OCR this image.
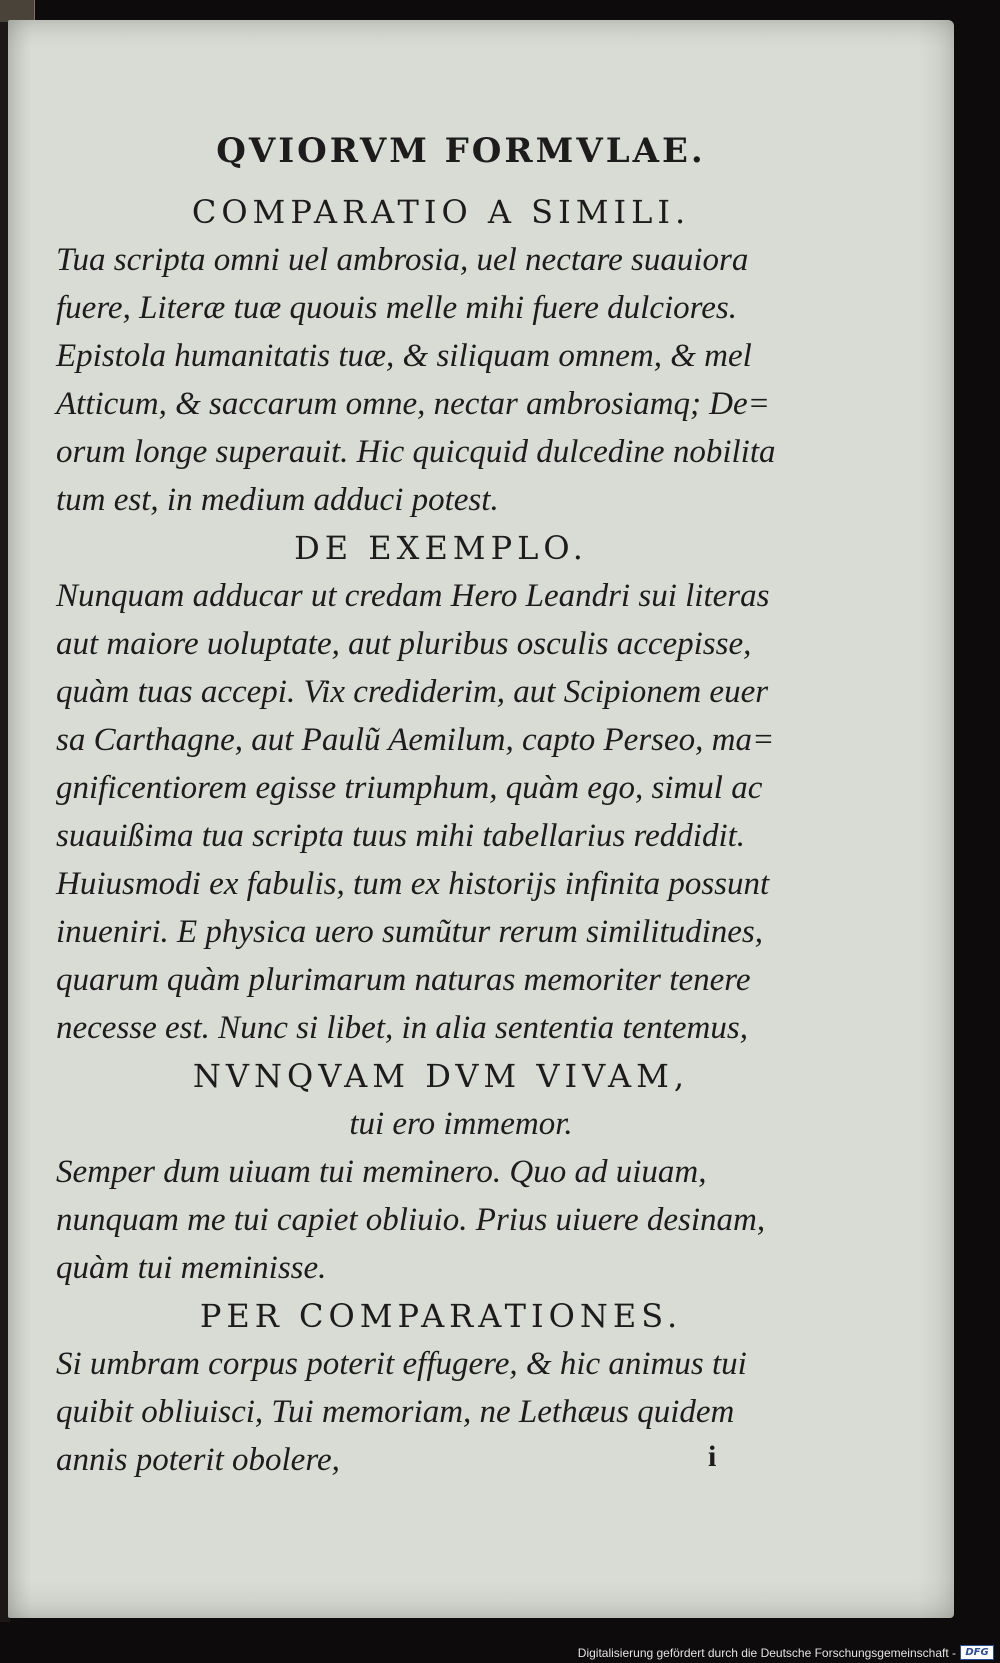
QVIORVM FORMVLAE.

COMPARATIO A SIMILI.

Tua scripta omni uel ambrosia, uel nectare suauiora

fuere, Literæ tuæ quouis melle mihi fuere dulciores.

Epistola humanitatis tuæ, & siliquam omnem, & mel

Atticum, & saccarum omne, nectar ambrosiamq; De=

orum longe superauit. Hic quicquid dulcedine nobilita

tum est, in medium adduci potest.

DE EXEMPLO.

Nunquam adducar ut credam Hero Leandri sui literas

aut maiore uoluptate, aut pluribus osculis accepisse,

quàm tuas accepi. Vix crediderim, aut Scipionem euer

sa Carthagne, aut Paulũ Aemilum, capto Perseo, ma=

gnificentiorem egisse triumphum, quàm ego, simul ac

suauißima tua scripta tuus mihi tabellarius reddidit.

Huiusmodi ex fabulis, tum ex historijs infinita possunt

inueniri. E physica uero sumũtur rerum similitudines,

quarum quàm plurimarum naturas memoriter tenere

necesse est. Nunc si libet, in alia sententia tentemus,

NVNQVAM DVM VIVAM,

tui ero immemor.

Semper dum uiuam tui meminero. Quo ad uiuam,

nunquam me tui capiet obliuio. Prius uiuere desinam,

quàm tui meminisse.

PER COMPARATIONES.

Si umbram corpus poterit effugere, & hic animus tui

quibit obliuisci, Tui memoriam, ne Lethæus quidem

annis poterit obolere,	i
Digitalisierung gefördert durch die Deutsche Forschungsgemeinschaft - DFG
